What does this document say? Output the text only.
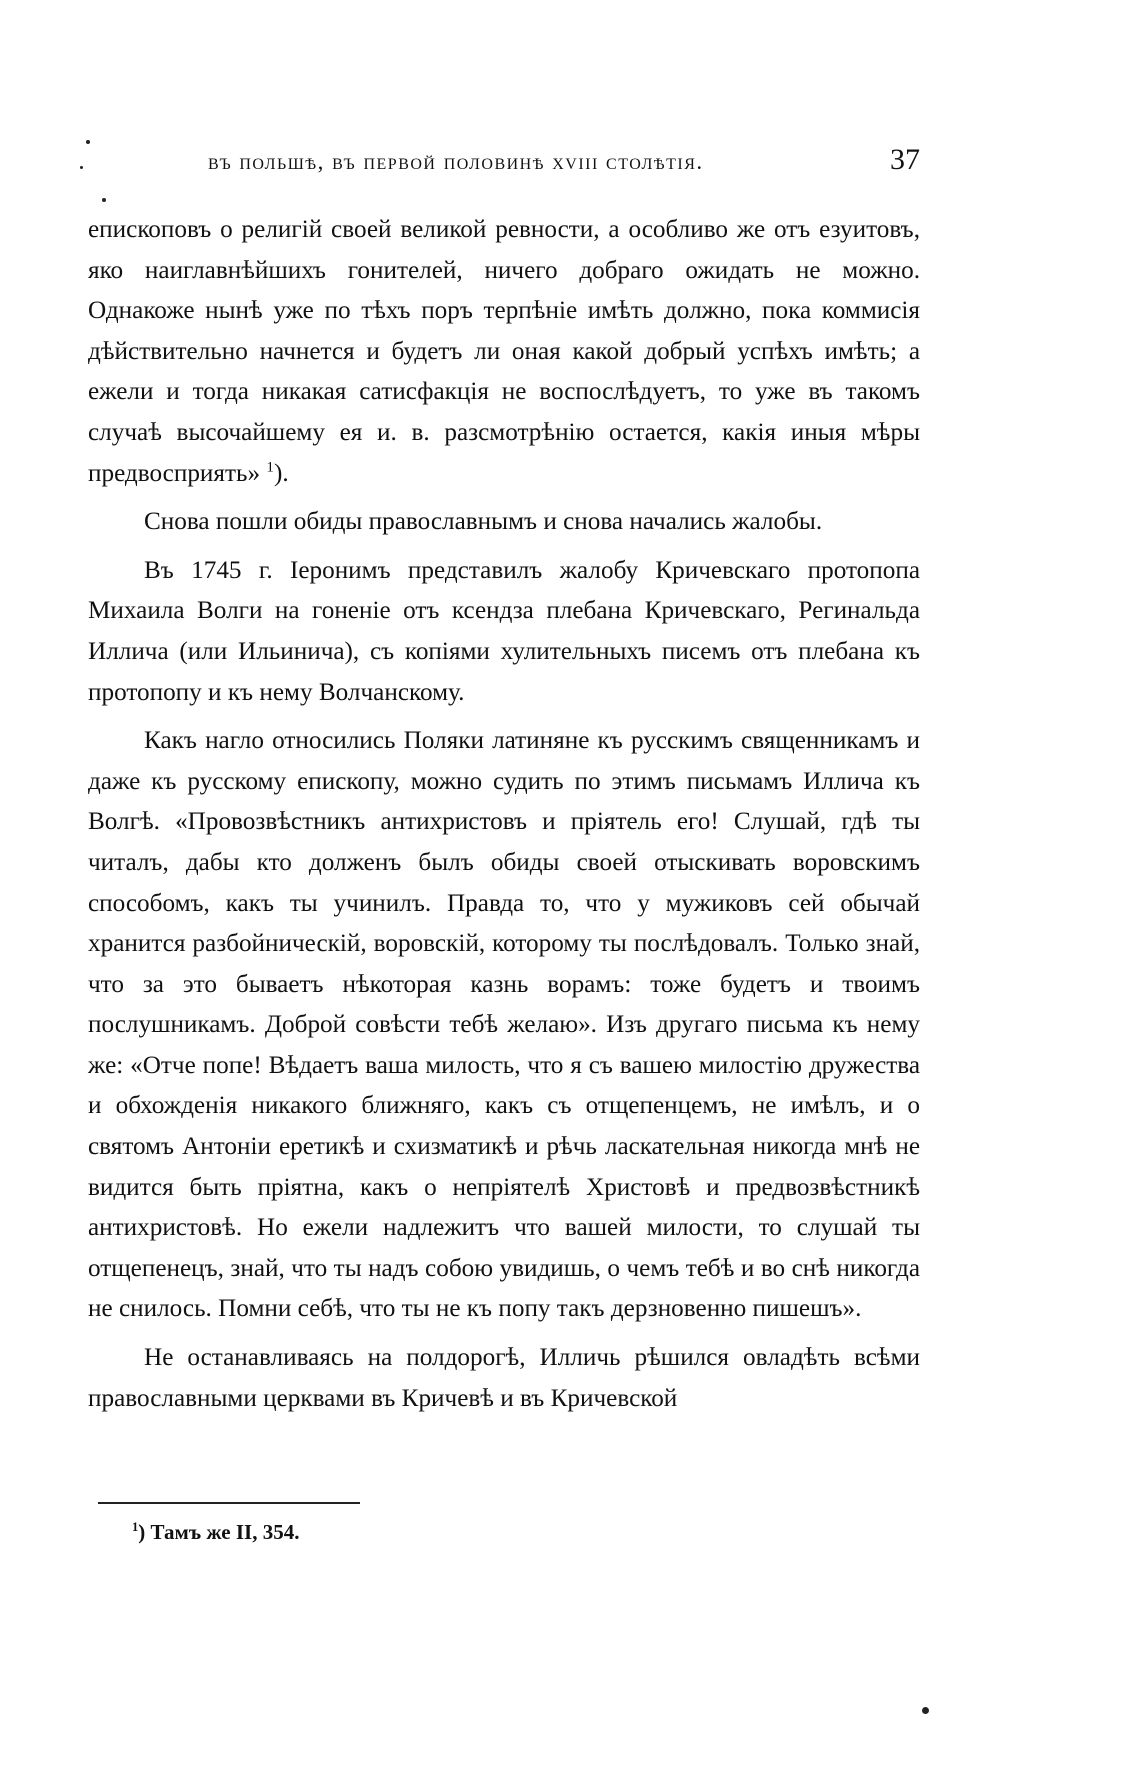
въ польшѣ, въ первой половинѣ xviii столѣтія.	37

епископовъ о религій своей великой ревности, а особливо же отъ езуитовъ, яко наиглавнѣйшихъ гонителей, ничего добраго ожидать не можно. Однакоже нынѣ уже по тѣхъ поръ терпѣніе имѣть должно, пока коммисія дѣйствительно начнется и будетъ ли оная какой добрый успѣхъ имѣть; а ежели и тогда никакая сатисфакція не воспослѣдуетъ, то уже въ такомъ случаѣ высочайшему ея и. в. разсмотрѣнію остается, какія иныя мѣры предвосприять» $^1$).

Снова пошли обиды православнымъ и снова начались жалобы.

Въ 1745 г. Іеронимъ представилъ жалобу Кричевскаго протопопа Михаила Волги на гоненіе отъ ксендза плебана Кричевскаго, Регинальда Иллича (или Ильинича), съ копіями хулительныхъ писемъ отъ плебана къ протопопу и къ нему Волчанскому.

Какъ нагло относились Поляки латиняне къ русскимъ священникамъ и даже къ русскому епископу, можно судить по этимъ письмамъ Иллича къ Волгѣ. «Провозвѣстникъ антихристовъ и пріятель его! Слушай, гдѣ ты читалъ, дабы кто долженъ былъ обиды своей отыскивать воровскимъ способомъ, какъ ты учинилъ. Правда то, что у мужиковъ сей обычай хранится разбойническій, воровскій, которому ты послѣдовалъ. Только знай, что за это бываетъ нѣкоторая казнь ворамъ: тоже будетъ и твоимъ послушникамъ. Доброй совѣсти тебѣ желаю». Изъ другаго письма къ нему же: «Отче попе! Вѣдаетъ ваша милость, что я съ вашею милостію дружества и обхожденія никакого ближняго, какъ съ отщепенцемъ, не имѣлъ, и о святомъ Антоніи еретикѣ и схизматикѣ и рѣчь ласкательная никогда мнѣ не видится быть пріятна, какъ о непріятелѣ Христовѣ и предвозвѣстникѣ антихристовѣ. Но ежели надлежитъ что вашей милости, то слушай ты отщепенецъ, знай, что ты надъ собою увидишь, о чемъ тебѣ и во снѣ никогда не снилось. Помни себѣ, что ты не къ попу такъ дерзновенно пишешъ».

Не останавливаясь на полдорогѣ, Илличь рѣшился овладѣть всѣми православными церквами въ Кричевѣ и въ Кричевской

$^1$) Тамъ же II, 354.
